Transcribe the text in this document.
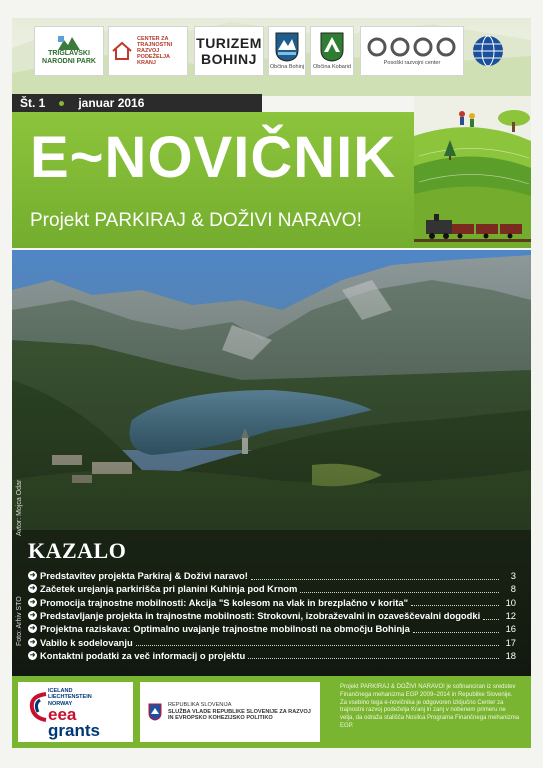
TRIGLAVSKI NARODNI PARK
CENTER ZA TRAJNOSTNI RAZVOJ PODEŽELJA KRANJ
TURIZEM BOHINJ	Občina Bohinj Občina Kobarid
Posoški razvojni center
Št. 1	januar 2016
E~NOVIČNIK
Projekt PARKIRAJ & DOŽIVI NARAVO!
Avtor: Mojca Odar
Foto: Arhiv STO
KAZALO
➜ Predstavitev projekta Parkiraj & Doživi naravo!	3
➜ Začetek urejanja parkirišča pri planini Kuhinja pod Krnom	8
➜ Promocija trajnostne mobilnosti: Akcija "S kolesom na vlak in brezplačno v korita"	10
➜ Predstavljanje projekta in trajnostne mobilnosti: Strokovni, izobraževalni in ozaveščevalni dogodki	12
➜ Projektna raziskava: Optimalno uvajanje trajnostne mobilnosti na območju Bohinja	16
➜ Vabilo k sodelovanju	17
➜ Kontaktni podatki za več informacij o projektu	18
ICELAND
LIECHTENSTEIN
NORWAY
eea
grants
REPUBLIKA SLOVENIJA
SLUŽBA VLADE REPUBLIKE SLOVENIJE ZA RAZVOJ
IN EVROPSKO KOHEZIJSKO POLITIKO
Projekt PARKIRAJ & DOŽIVI NARAVO! je sofinanciran iz sredstev Finančnega mehanizma EGP 2009–2014 in Republike Slovenije. Za vsebino tega e-novičnika je odgovoren izključno Center za trajnostni razvoj podeželja Kranj in zanj v nobenem primeru ne velja, da odraža stališča Nosilca Programa Finančnega mehanizma EGP.
